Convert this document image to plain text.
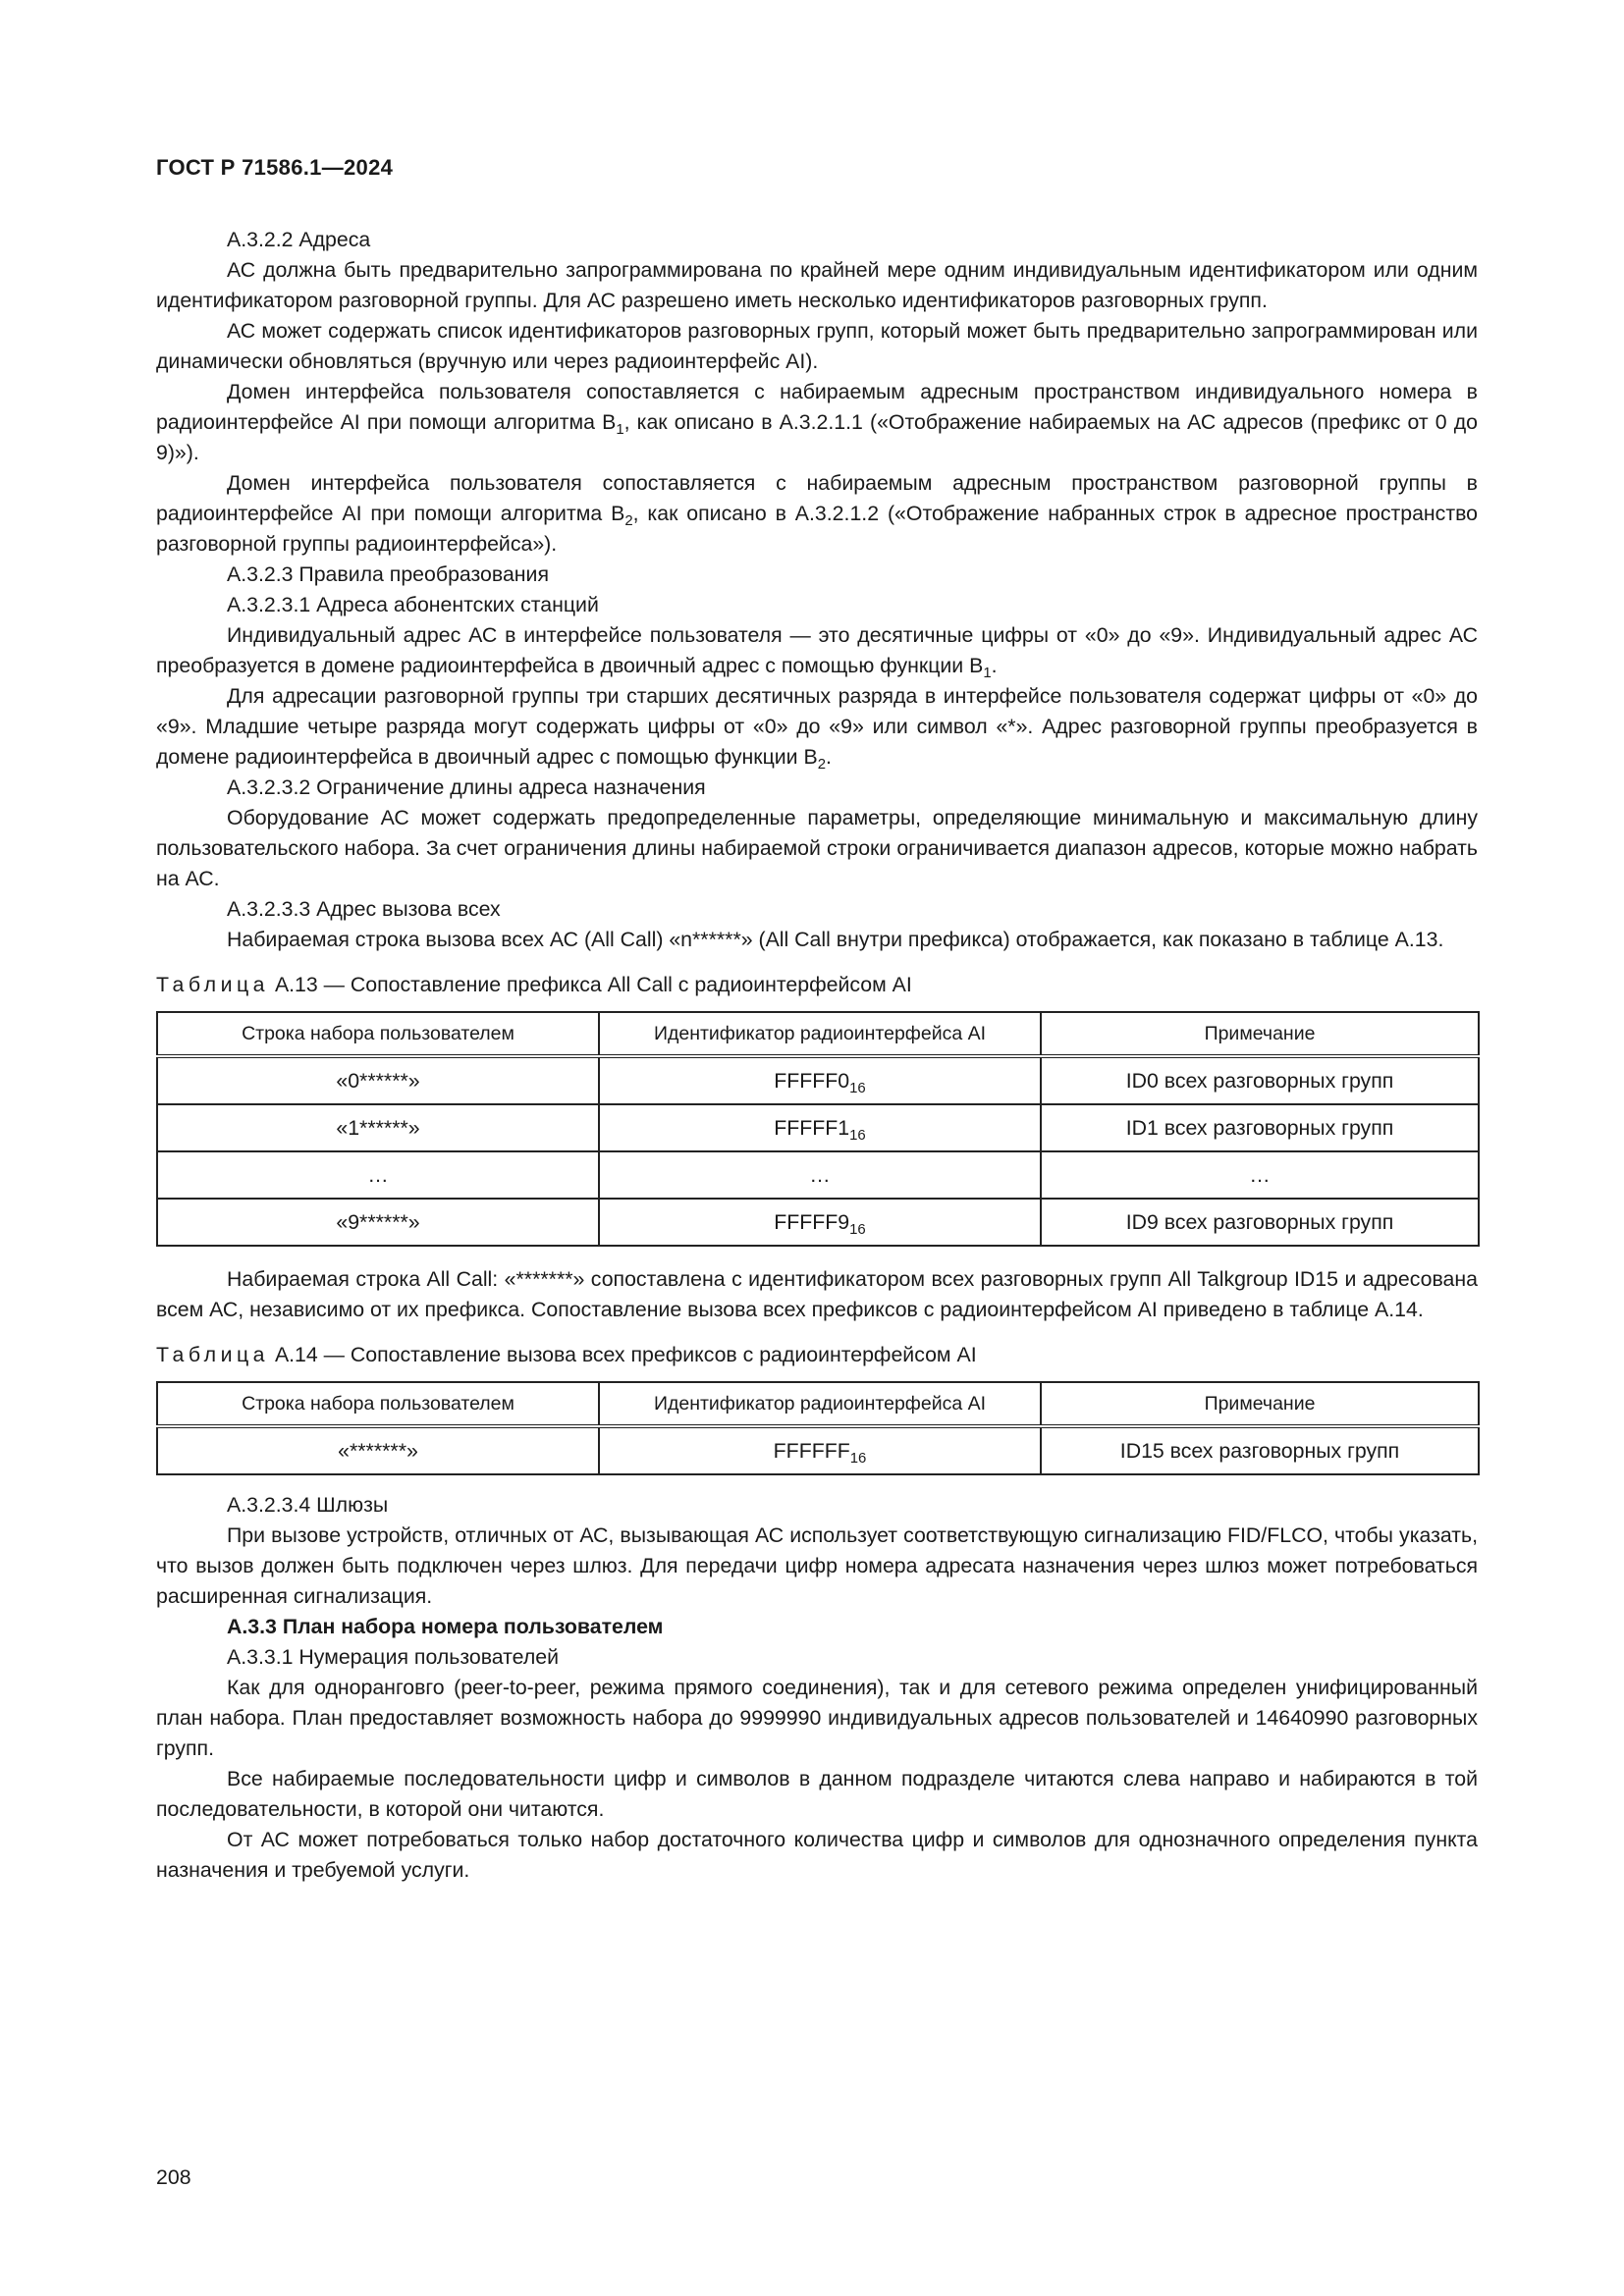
ГОСТ Р 71586.1—2024

А.3.2.2 Адреса

АС должна быть предварительно запрограммирована по крайней мере одним индивидуальным идентификатором или одним идентификатором разговорной группы. Для АС разрешено иметь несколько идентификаторов разговорных групп.

АС может содержать список идентификаторов разговорных групп, который может быть предварительно запрограммирован или динамически обновляться (вручную или через радиоинтерфейс AI).

Домен интерфейса пользователя сопоставляется с набираемым адресным пространством индивидуального номера в радиоинтерфейсе AI при помощи алгоритма $B_1$, как описано в А.3.2.1.1 («Отображение набираемых на АС адресов (префикс от 0 до 9)»).

Домен интерфейса пользователя сопоставляется с набираемым адресным пространством разговорной группы в радиоинтерфейсе AI при помощи алгоритма $B_2$, как описано в А.3.2.1.2 («Отображение набранных строк в адресное пространство разговорной группы радиоинтерфейса»).

А.3.2.3 Правила преобразования

А.3.2.3.1 Адреса абонентских станций

Индивидуальный адрес АС в интерфейсе пользователя — это десятичные цифры от «0» до «9». Индивидуальный адрес АС преобразуется в домене радиоинтерфейса в двоичный адрес с помощью функции $B_1$.

Для адресации разговорной группы три старших десятичных разряда в интерфейсе пользователя содержат цифры от «0» до «9». Младшие четыре разряда могут содержать цифры от «0» до «9» или символ «*». Адрес разговорной группы преобразуется в домене радиоинтерфейса в двоичный адрес с помощью функции $B_2$.

А.3.2.3.2 Ограничение длины адреса назначения

Оборудование АС может содержать предопределенные параметры, определяющие минимальную и максимальную длину пользовательского набора. За счет ограничения длины набираемой строки ограничивается диапазон адресов, которые можно набрать на АС.

А.3.2.3.3 Адрес вызова всех

Набираемая строка вызова всех АС (All Call) «n******» (All Call внутри префикса) отображается, как показано в таблице А.13.

Таблица А.13 — Сопоставление префикса All Call с радиоинтерфейсом AI

Строка набора пользователем	Идентификатор радиоинтерфейса AI	Примечание
«0******»	$FFFFF0_{16}$	ID0 всех разговорных групп
«1******»	$FFFFF1_{16}$	ID1 всех разговорных групп
…	…	…
«9******»	$FFFFF9_{16}$	ID9 всех разговорных групп

Набираемая строка All Call: «*******» сопоставлена с идентификатором всех разговорных групп All Talkgroup ID15 и адресована всем АС, независимо от их префикса. Сопоставление вызова всех префиксов с радиоинтерфейсом AI приведено в таблице А.14.

Таблица А.14 — Сопоставление вызова всех префиксов с радиоинтерфейсом AI

Строка набора пользователем	Идентификатор радиоинтерфейса AI	Примечание
«*******»	$FFFFFF_{16}$	ID15 всех разговорных групп

А.3.2.3.4 Шлюзы

При вызове устройств, отличных от АС, вызывающая АС использует соответствующую сигнализацию FID/FLCO, чтобы указать, что вызов должен быть подключен через шлюз. Для передачи цифр номера адресата назначения через шлюз может потребоваться расширенная сигнализация.

А.3.3 План набора номера пользователем

А.3.3.1 Нумерация пользователей

Как для одноранговго (peer-to-peer, режима прямого соединения), так и для сетевого режима определен унифицированный план набора. План предоставляет возможность набора до 9999990 индивидуальных адресов пользователей и 14640990 разговорных групп.

Все набираемые последовательности цифр и символов в данном подразделе читаются слева направо и набираются в той последовательности, в которой они читаются.

От АС может потребоваться только набор достаточного количества цифр и символов для однозначного определения пункта назначения и требуемой услуги.

208
